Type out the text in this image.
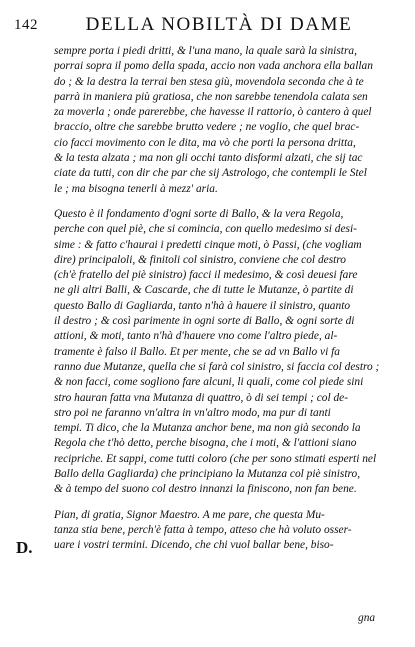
142	DELLA NOBILTÀ DI DAME
sempre porta i piedi dritti, & l'una mano, la quale sarà la sinistra,
porrai sopra il pomo della spada, accio non vada anchora ella ballan
do ; & la destra la terrai ben stesa giù, movendola seconda che à te
parrà in maniera più gratiosa, che non sarebbe tenendola calata sen
za moverla ; onde parerebbe, che havesse il rattorio, ò cantero à quel
braccio, oltre che sarebbe brutto vedere ; ne voglio, che quel brac-
cio facci movimento con le dita, ma vò che porti la persona dritta,
& la testa alzata ; ma non gli occhi tanto disformi alzati, che sij tac
ciate da tutti, con dir che par che sij Astrologo, che contempli le Stel
le ; ma bisogna tenerli à mezz' aria.
Questo è il fondamento d'ogni sorte di Ballo, & la vera Regola,
perche con quel piè, che si comincia, con quello medesimo si desi-
sime : & fatto c'haurai i predetti cinque moti, ò Passi, (che vogliam
dire) principaloli, & finitoli col sinistro, conviene che col destro
(ch'è fratello del piè sinistro) facci il medesimo, & così deuesi fare
ne gli altri Balli, & Cascarde, che di tutte le Mutanze, ò partite di
questo Ballo di Gagliarda, tanto n'hà à hauere il sinistro, quanto
il destro ; & così parimente in ogni sorte di Ballo, & ogni sorte di
attioni, & moti, tanto n'hà d'hauere vno come l'altro piede, al-
tramente è falso il Ballo. Et per mente, che se ad vn Ballo vi fa
ranno due Mutanze, quella che si farà col sinistro, si faccia col destro ;
& non facci, come sogliono fare alcuni, li quali, come col piede sini
stro hauran fatta vna Mutanza di quattro, ò di sei tempi ; col de-
stro poi ne faranno vn'altra in vn'altro modo, ma pur di tanti
tempi. Ti dico, che la Mutanza anchor bene, ma non già secondo la
Regola che t'hò detto, perche bisogna, che i moti, & l'attioni siano
recipriche. Et sappi, come tutti coloro (che per sono stimati esperti nel
Ballo della Gagliarda) che principiano la Mutanza col piè sinistro,
& à tempo del suono col destro innanzi la finiscono, non fan bene.
Pian, di gratia, Signor Maestro. A me pare, che questa Mu-
tanza stia bene, perch'è fatta à tempo, atteso che hà voluto osser-
uare i vostri termini. Dicendo, che chi vuol ballar bene, biso-
D.
gna
